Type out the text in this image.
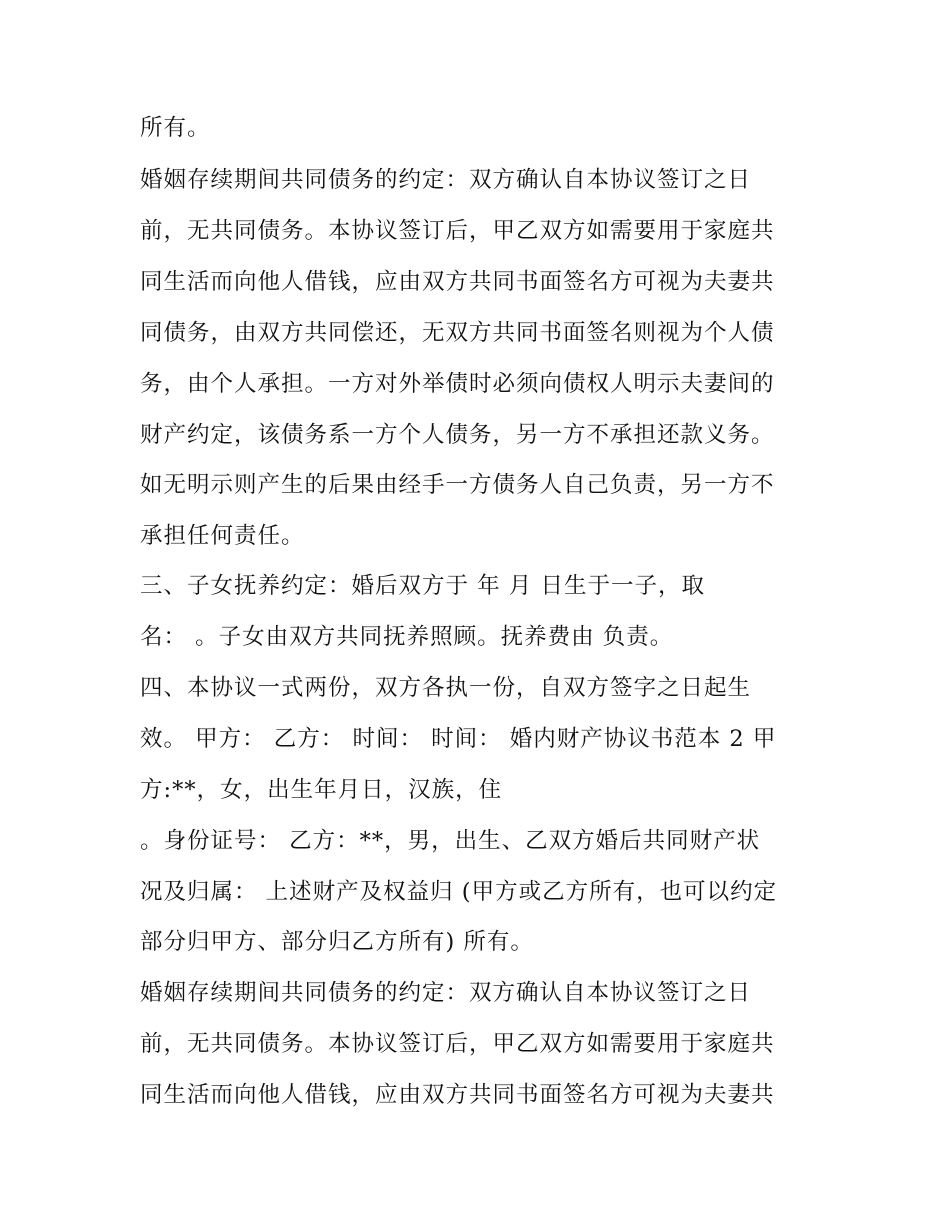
所有。
婚姻存续期间共同债务的约定：双方确认自本协议签订之日
前，无共同债务。本协议签订后，甲乙双方如需要用于家庭共
同生活而向他人借钱，应由双方共同书面签名方可视为夫妻共
同债务，由双方共同偿还，无双方共同书面签名则视为个人债
务，由个人承担。一方对外举债时必须向债权人明示夫妻间的
财产约定，该债务系一方个人债务，另一方不承担还款义务。
如无明示则产生的后果由经手一方债务人自己负责，另一方不
承担任何责任。
三、子女抚养约定：婚后双方于 年 月 日生于一子，取
名： 。子女由双方共同抚养照顾。抚养费由 负责。
四、本协议一式两份，双方各执一份，自双方签字之日起生
效。 甲方： 乙方： 时间： 时间： 婚内财产协议书范本 2 甲
方:**，女，出生年月日，汉族，住
。身份证号： 乙方：**，男，出生、乙双方婚后共同财产状
况及归属： 上述财产及权益归 (甲方或乙方所有，也可以约定
部分归甲方、部分归乙方所有) 所有。
婚姻存续期间共同债务的约定：双方确认自本协议签订之日
前，无共同债务。本协议签订后，甲乙双方如需要用于家庭共
同生活而向他人借钱，应由双方共同书面签名方可视为夫妻共
